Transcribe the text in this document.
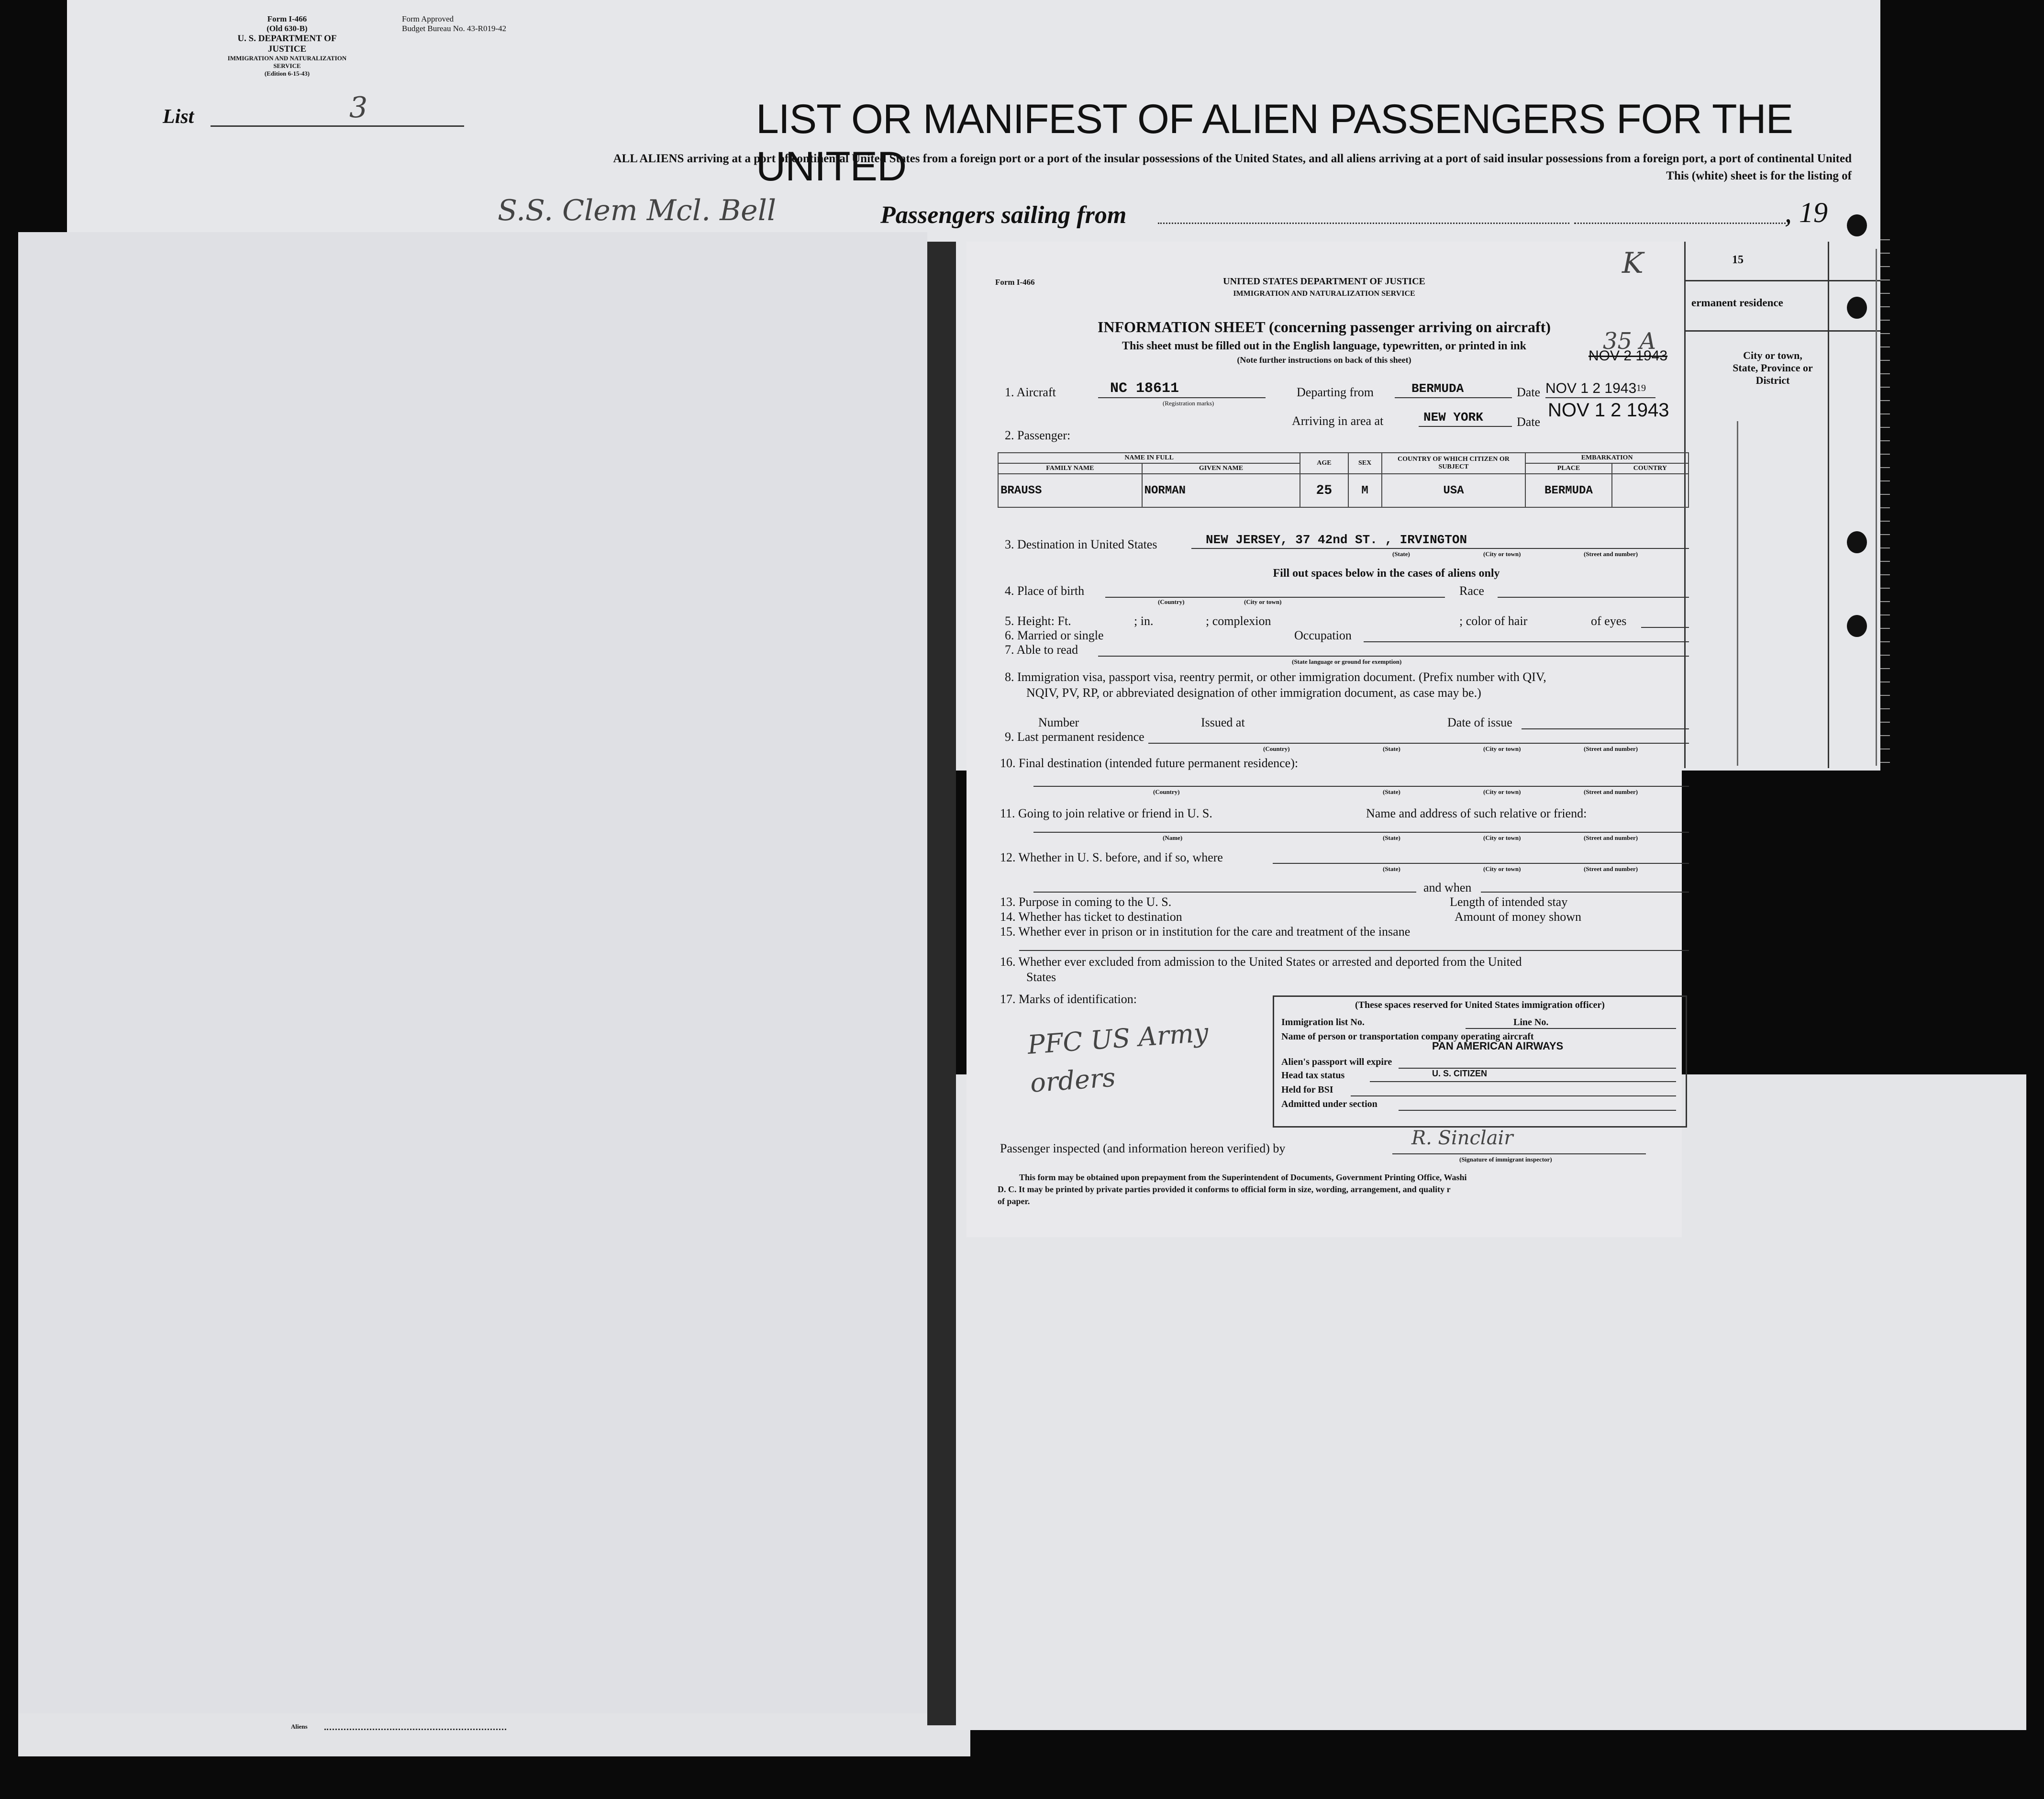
Form I-466
(Old 630-B)
U. S. DEPARTMENT OF JUSTICE
IMMIGRATION AND NATURALIZATION SERVICE
(Edition 6-15-43)
Form Approved
Budget Bureau No. 43-R019-42
List	3	LIST OR MANIFEST OF ALIEN PASSENGERS FOR THE UNITED
ALL ALIENS arriving at a port of continental United States from a foreign port or a port of the insular possessions of the United States, and all aliens arriving at a port of said insular possessions from a foreign port, a port of continental United
This (white) sheet is for the listing of
S.S. Clem Mcl. Bell	Passengers sailing from	, 19
15
ermanent residence
City or town, State, Province or District
Aliens
Form I-466	UNITED STATES DEPARTMENT OF JUSTICE
IMMIGRATION AND NATURALIZATION SERVICE
K
INFORMATION SHEET (concerning passenger arriving on aircraft)
35 A
This sheet must be filled out in the English language, typewritten, or printed in ink
(Note further instructions on back of this sheet)	NOV 2 1943
1. Aircraft	NC 18611
(Registration marks)
Departing from	BERMUDA	Date NOV 1 2 1943 19
Arriving in area at	NEW YORK	Date
NOV 1 2 1943
2. Passenger:
NAME IN FULL		AGE	SEX	COUNTRY OF WHICH CITIZEN OR SUBJECT	EMBARKATION	
FAMILY NAME	GIVEN NAME				PLACE	COUNTRY
BRAUSS	NORMAN	25	M	USA	BERMUDA	
3. Destination in United States	NEW JERSEY, 37 42nd ST. , IRVINGTON
(State)	(City or town)	(Street and number)
Fill out spaces below in the cases of aliens only
4. Place of birth	Race
(Country)	(City or town)
5. Height: Ft.	; in.	; complexion	; color of hair	of eyes
6. Married or single	Occupation
7. Able to read
(State language or ground for exemption)
8. Immigration visa, passport visa, reentry permit, or other immigration document. (Prefix number with QIV,
NQIV, PV, RP, or abbreviated designation of other immigration document, as case may be.)
Number	Issued at	Date of issue
9. Last permanent residence
(Country)	(State)	(City or town)	(Street and number)
10. Final destination (intended future permanent residence):
(Country)	(State)	(City or town)	(Street and number)
11. Going to join relative or friend in U. S.	Name and address of such relative or friend:
(Name)	(State)	(City or town)	(Street and number)
12. Whether in U. S. before, and if so, where
(State)	(City or town)	(Street and number)
and when
13. Purpose in coming to the U. S.	Length of intended stay
14. Whether has ticket to destination	Amount of money shown
15. Whether ever in prison or in institution for the care and treatment of the insane
16. Whether ever excluded from admission to the United States or arrested and deported from the United
States
17. Marks of identification:
PFC US Army orders
(These spaces reserved for United States immigration officer)
Immigration list No.	Line No.
Name of person or transportation company operating aircraft
PAN AMERICAN AIRWAYS
Alien's passport will expire
Head tax status	U. S. CITIZEN
Held for BSI
Admitted under section
Passenger inspected (and information hereon verified) by	R. Sinclair
(Signature of immigrant inspector)
This form may be obtained upon prepayment from the Superintendent of Documents, Government Printing Office, Washi
D. C. It may be printed by private parties provided it conforms to official form in size, wording, arrangement, and quality r
of paper.
